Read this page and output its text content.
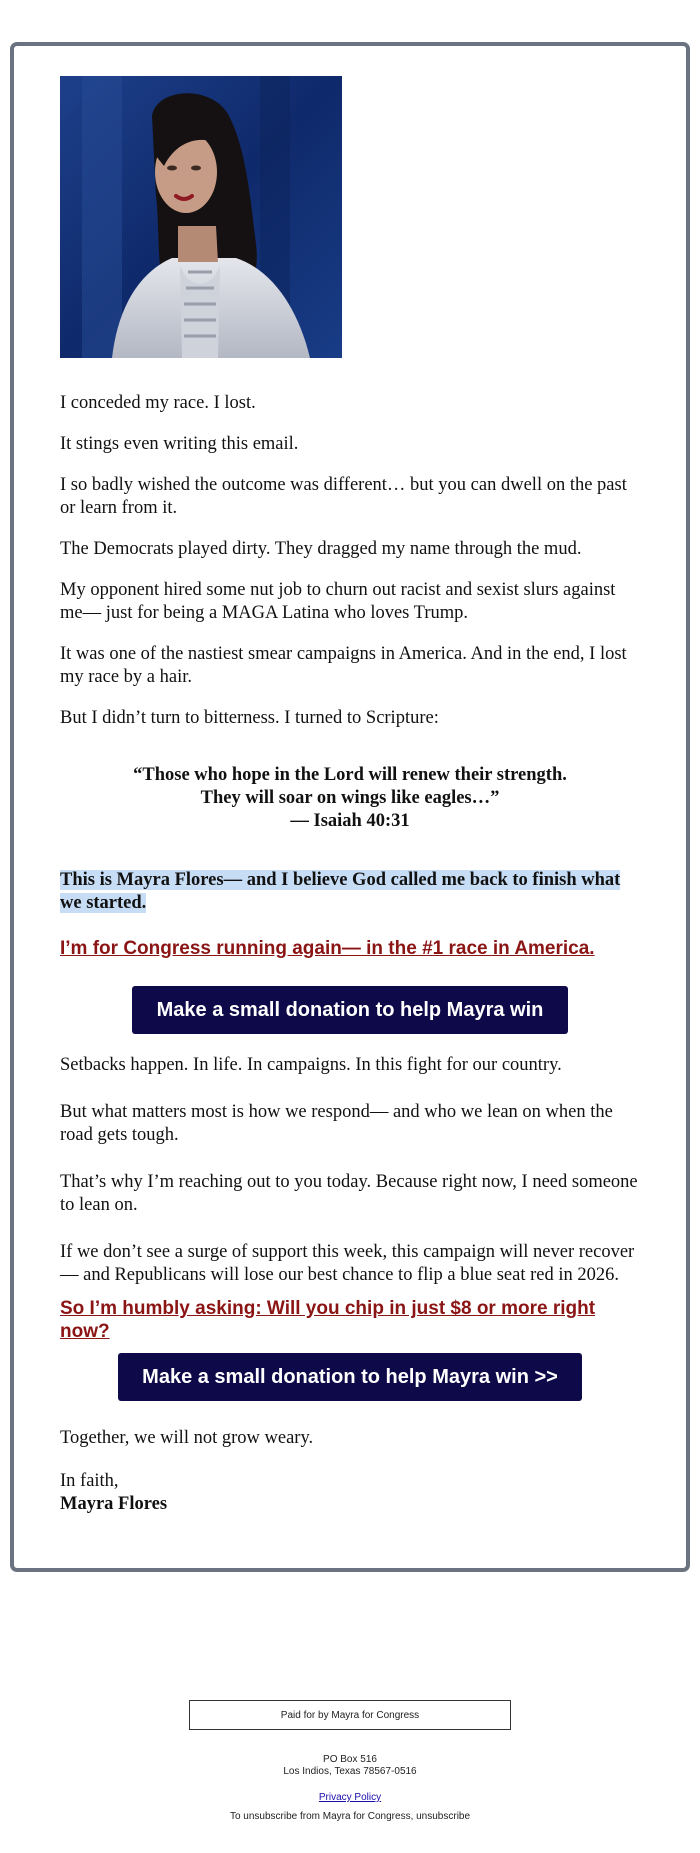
I conceded my race. I lost.

It stings even writing this email.

I so badly wished the outcome was different… but you can dwell on the past or learn from it.

The Democrats played dirty. They dragged my name through the mud.

My opponent hired some nut job to churn out racist and sexist slurs against me— just for being a MAGA Latina who loves Trump.

It was one of the nastiest smear campaigns in America. And in the end, I lost my race by a hair.

But I didn’t turn to bitterness. I turned to Scripture:

“Those who hope in the Lord will renew their strength.
They will soar on wings like eagles…”
— Isaiah 40:31

This is Mayra Flores— and I believe God called me back to finish what we started.

I’m for Congress running again— in the #1 race in America.
Make a small donation to help Mayra win

Setbacks happen. In life. In campaigns. In this fight for our country.

But what matters most is how we respond— and who we lean on when the road gets tough.

That’s why I’m reaching out to you today. Because right now, I need someone to lean on.

If we don’t see a surge of support this week, this campaign will never recover— and Republicans will lose our best chance to flip a blue seat red in 2026.

So I’m humbly asking: Will you chip in just $8 or more right now?
Make a small donation to help Mayra win >>

Together, we will not grow weary.

In faith,

Mayra Flores

Paid for by Mayra for Congress
PO Box 516
Los Indios, Texas 78567-0516
Privacy Policy
To unsubscribe from Mayra for Congress, unsubscribe
